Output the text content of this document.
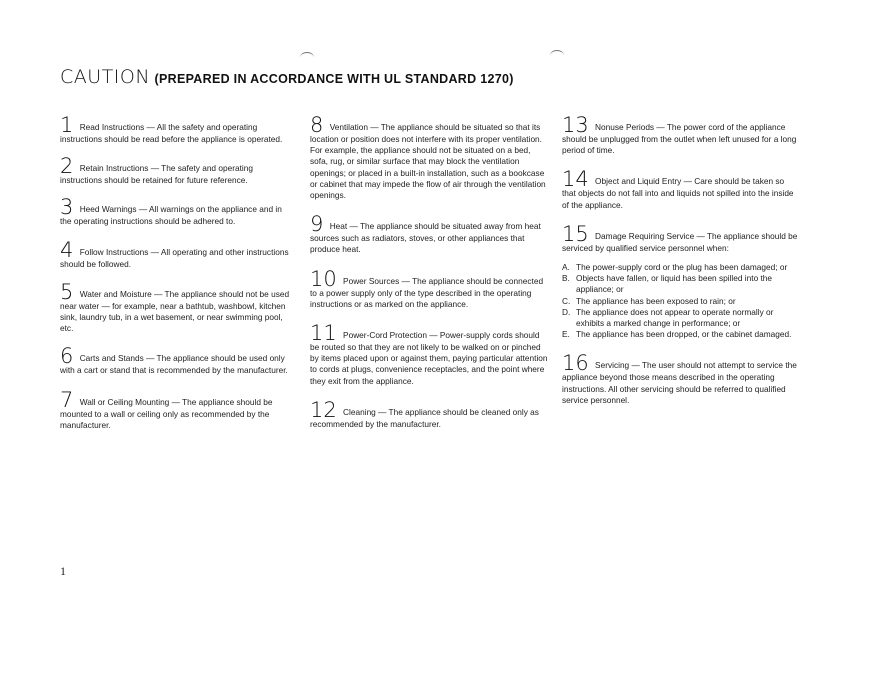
CAUTION (PREPARED IN ACCORDANCE WITH UL STANDARD 1270)
1 Read Instructions — All the safety and operating instructions should be read before the appliance is operated.
2 Retain Instructions — The safety and operating instructions should be retained for future reference.
3 Heed Warnings — All warnings on the appliance and in the operating instructions should be adhered to.
4 Follow Instructions — All operating and other instructions should be followed.
5 Water and Moisture — The appliance should not be used near water — for example, near a bathtub, washbowl, kitchen sink, laundry tub, in a wet basement, or near swimming pool, etc.
6 Carts and Stands — The appliance should be used only with a cart or stand that is recommended by the manufacturer.
7 Wall or Ceiling Mounting — The appliance should be mounted to a wall or ceiling only as recommended by the manufacturer.
8 Ventilation — The appliance should be situated so that its location or position does not interfere with its proper ventilation. For example, the appliance should not be situated on a bed, sofa, rug, or similar surface that may block the ventilation openings; or placed in a built-in installation, such as a bookcase or cabinet that may impede the flow of air through the ventilation openings.
9 Heat — The appliance should be situated away from heat sources such as radiators, stoves, or other appliances that produce heat.
10 Power Sources — The appliance should be connected to a power supply only of the type described in the operating instructions or as marked on the appliance.
11 Power-Cord Protection — Power-supply cords should be routed so that they are not likely to be walked on or pinched by items placed upon or against them, paying particular attention to cords at plugs, convenience receptacles, and the point where they exit from the appliance.
12 Cleaning — The appliance should be cleaned only as recommended by the manufacturer.
13 Nonuse Periods — The power cord of the appliance should be unplugged from the outlet when left unused for a long period of time.
14 Object and Liquid Entry — Care should be taken so that objects do not fall into and liquids not spilled into the inside of the appliance.
15 Damage Requiring Service — The appliance should be serviced by qualified service personnel when:
A. The power-supply cord or the plug has been damaged; or
B. Objects have fallen, or liquid has been spilled into the appliance; or
C. The appliance has been exposed to rain; or
D. The appliance does not appear to operate normally or exhibits a marked change in performance; or
E. The appliance has been dropped, or the cabinet damaged.
16 Servicing — The user should not attempt to service the appliance beyond those means described in the operating instructions. All other servicing should be referred to qualified service personnel.
1
